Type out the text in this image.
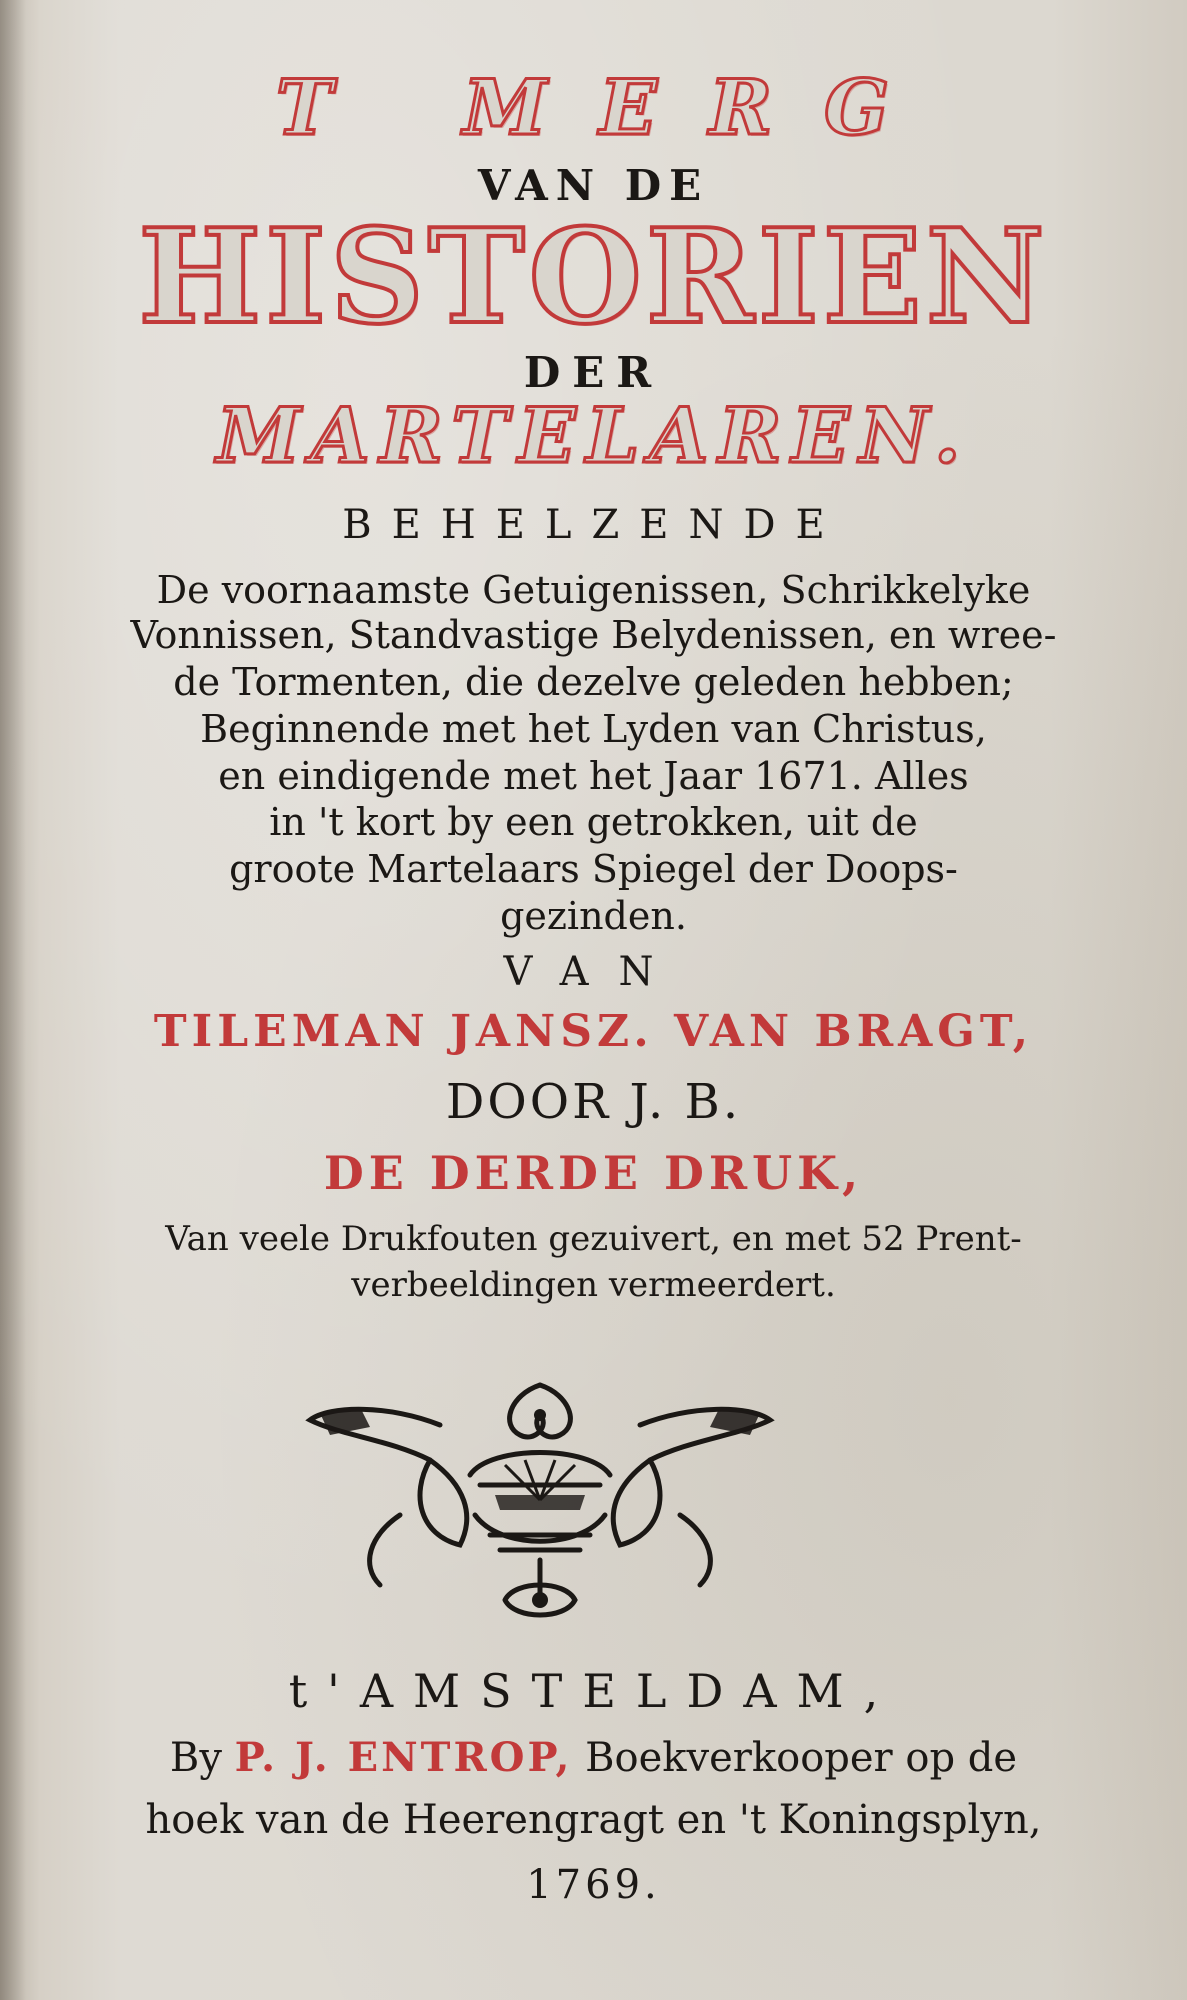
T MERG
VAN DE
HISTORIEN
DER
MARTELAREN.
BEHELZENDE
De voornaamste Getuigenissen, Schrikkelyke
Vonnissen, Standvastige Belydenissen, en wree-
de Tormenten, die dezelve geleden hebben;
Beginnende met het Lyden van Christus,
en eindigende met het Jaar 1671. Alles
in 't kort by een getrokken, uit de
groote Martelaars Spiegel der Doops-
gezinden.
VAN
TILEMAN JANSZ. VAN BRAGT,
DOOR J. B.
DE DERDE DRUK,
Van veele Drukfouten gezuivert, en met 52 Prent-
verbeeldingen vermeerdert.
t'AMSTELDAM,
By P. J. ENTROP, Boekverkooper op de
hoek van de Heerengragt en 't Koningsplyn,
1769.
